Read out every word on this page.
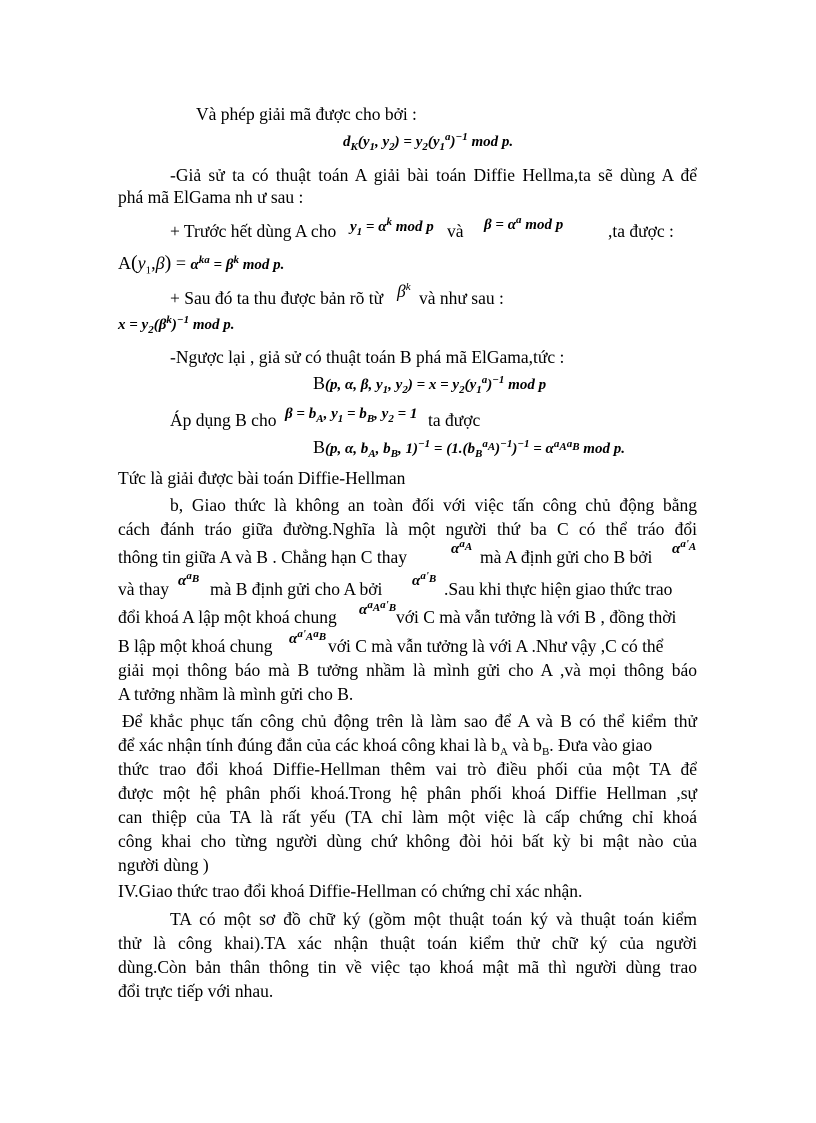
Và phép giải mã được cho bởi :
$d_K(y_1$, $y_2) = y_2(y_1^a)^{-1}$ mod p.
-Giả sử ta có thuật toán A giải bài toán Diffie Hellma,ta sẽ dùng A để
phá mã ElGama nh ư sau :
+ Trước hết dùng A cho $y_1 = \alpha^k$ mod p và $\beta = \alpha^a$ mod p	,ta được :
$A(y_1,\beta) = \alpha^{ka} = \beta^k$ mod p.
+ Sau đó ta thu được bản rõ từ $\beta^k$
và như sau :
$x = y_2(\beta^k)^{-1}$ mod p.
-Ngược lại , giả sử có thuật toán B phá mã ElGama,tức :
B(p, α, β, $y_1$, $y_2) = x = y_2(y_1^a)^{-1}$ mod p
Áp dụng B cho $\beta = b_A$, $y_1 = b_B$, $y_2 = 1$ ta được
B(p, α, $b_A$, $b_B$, $1)^{-1} = (1.(b_B^{a_A})^{-1})^{-1} = \alpha^{a_Aa_B}$ mod p.
Tức là giải được bài toán Diffie-Hellman
b, Giao thức là không an toàn đối với việc tấn công chủ động bằng
cách đánh tráo giữa đường.Nghĩa là một người thứ ba C có thể tráo đổi
thông tin giữa A và B . Chẳng hạn C thay	$\alpha^{a_A}$ mà A định gửi cho B bởi $\alpha^{a'_A}$
và thay $\alpha^{a_B}$ mà B định gửi cho A bởi $\alpha^{a'_B}$ .Sau khi thực hiện giao thức trao
đổi khoá A lập một khoá chung $\alpha^{a_Aa'_B}$ với C mà vẫn tưởng là với B , đồng thời
B lập một khoá chung $\alpha^{a'_Aa_B}$ với C mà vẫn tưởng là với A .Như vậy ,C có thể
giải mọi thông báo mà B tưởng nhầm là mình gửi cho A ,và mọi thông báo
A tưởng nhầm là mình gửi cho B.
Để khắc phục tấn công chủ động trên là làm sao để A và B có thể kiểm thử
để xác nhận tính đúng đắn của các khoá công khai là $b_A$ và $b_B$. Đưa vào giao
thức trao đổi khoá Diffie-Hellman thêm vai trò điều phối của một TA để
được một hệ phân phối khoá.Trong hệ phân phối khoá Diffie Hellman ,sự
can thiệp của TA là rất yếu (TA chỉ làm một việc là cấp chứng chỉ khoá
công khai cho từng người dùng chứ không đòi hỏi bất kỳ bi mật nào của
người dùng )
IV.Giao thức trao đổi khoá Diffie-Hellman có chứng chỉ xác nhận.
TA có một sơ đồ chữ ký (gồm một thuật toán ký và thuật toán kiểm
thử là công khai).TA xác nhận thuật toán kiểm thử chữ ký của người
dùng.Còn bản thân thông tin về việc tạo khoá mật mã thì người dùng trao
đổi trực tiếp với nhau.
